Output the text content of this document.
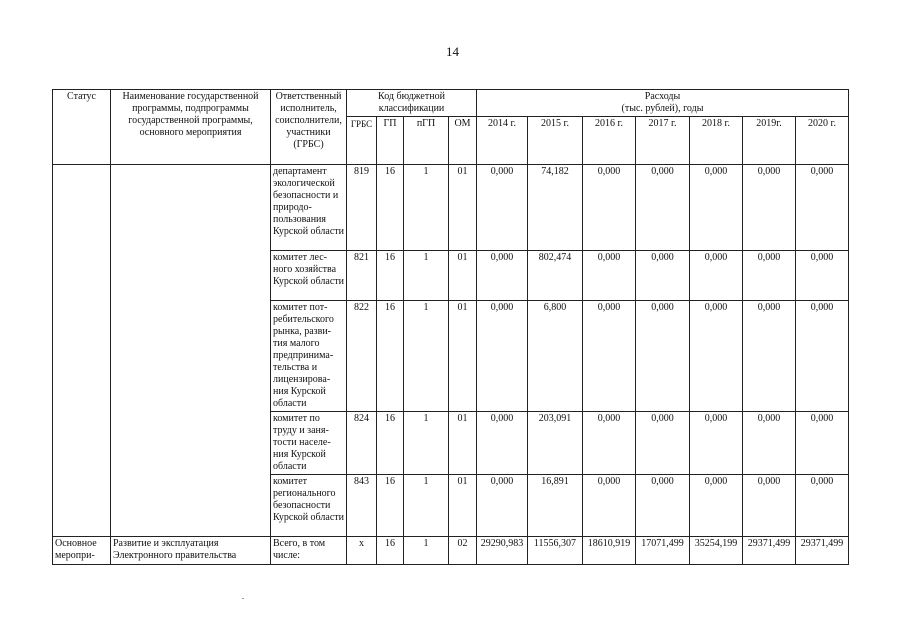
14
Статус	Наименование государственной программы, подпрограммы государственной программы, основного мероприятия	Ответственный исполнитель, соисполнители, участники (ГРБС)	Код бюджетной классификации				Расходы
(тыс. рублей), годы						

			ГРБС	ГП	пГП	ОМ	2014 г.	2015 г.	2016 г.	2017 г.	2018 г.	2019г.	2020 г.
		департамент экологической безопасности и природо-пользования Курской области	819	16	1	01	0,000	74,182	0,000	0,000	0,000	0,000	0,000
		комитет лес-ного хозяйства Курской области	821	16	1	01	0,000	802,474	0,000	0,000	0,000	0,000	0,000
		комитет пот-ребительского рынка, разви-тия малого предпринима-тельства и лицензирова-ния Курской области	822	16	1	01	0,000	6,800	0,000	0,000	0,000	0,000	0,000
		комитет по труду и заня-тости населе-ния Курской области	824	16	1	01	0,000	203,091	0,000	0,000	0,000	0,000	0,000
		комитет регионального безопасности Курской области	843	16	1	01	0,000	16,891	0,000	0,000	0,000	0,000	0,000
Основное меропри-	Развитие и эксплуатация Электронного правительства	Всего, в том числе:	х	16	1	02	29290,983	11556,307	18610,919	17071,499	35254,199	29371,499	29371,499
